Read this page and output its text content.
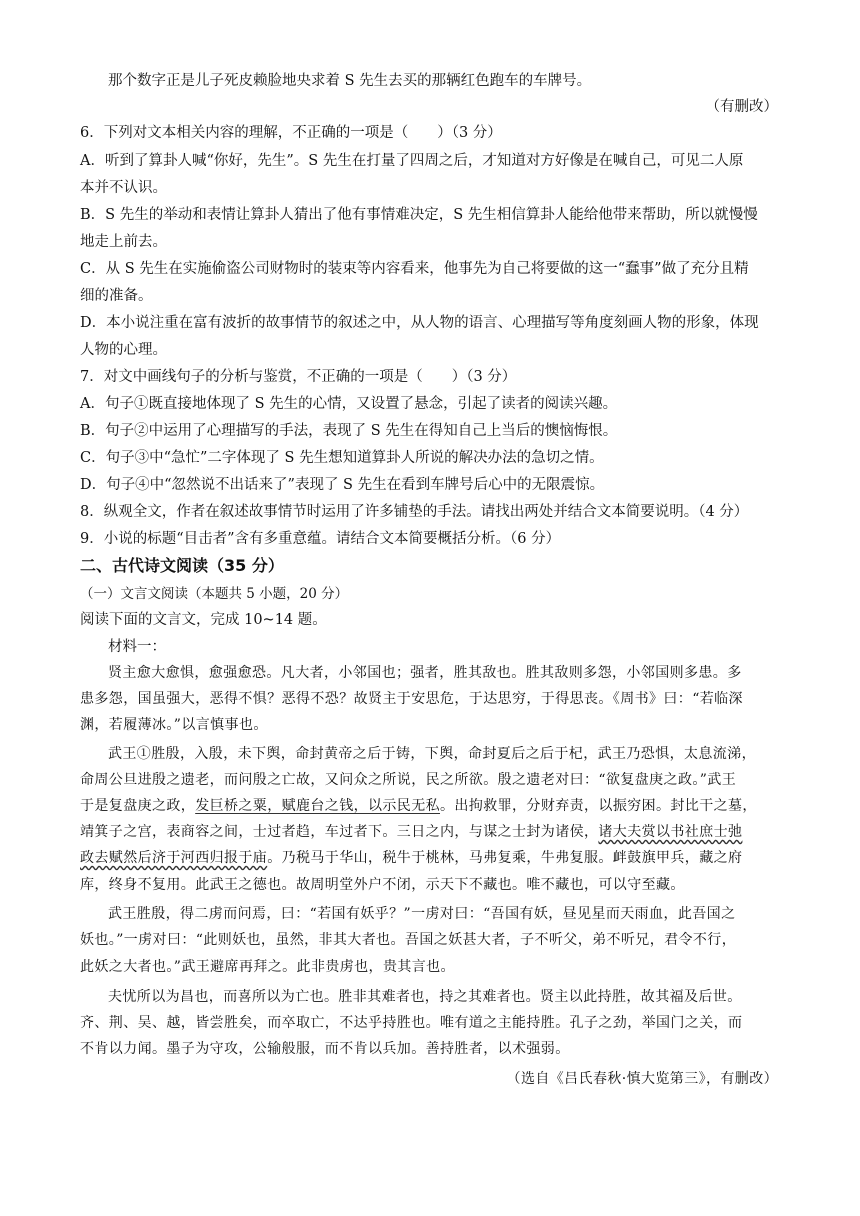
那个数字正是儿子死皮赖脸地央求着 S 先生去买的那辆红色跑车的车牌号。
（有删改）
6．下列对文本相关内容的理解，不正确的一项是（　　）（3 分）
A．听到了算卦人喊“你好，先生”。S 先生在打量了四周之后，才知道对方好像是在喊自己，可见二人原
本并不认识。
B．S 先生的举动和表情让算卦人猜出了他有事情难决定，S 先生相信算卦人能给他带来帮助，所以就慢慢
地走上前去。
C．从 S 先生在实施偷盗公司财物时的装束等内容看来，他事先为自己将要做的这一“蠢事”做了充分且精
细的准备。
D．本小说注重在富有波折的故事情节的叙述之中，从人物的语言、心理描写等角度刻画人物的形象，体现
人物的心理。
7．对文中画线句子的分析与鉴赏，不正确的一项是（　　）（3 分）
A．句子①既直接地体现了 S 先生的心情，又设置了悬念，引起了读者的阅读兴趣。
B．句子②中运用了心理描写的手法，表现了 S 先生在得知自己上当后的懊恼悔恨。
C．句子③中“急忙”二字体现了 S 先生想知道算卦人所说的解决办法的急切之情。
D．句子④中“忽然说不出话来了”表现了 S 先生在看到车牌号后心中的无限震惊。
8．纵观全文，作者在叙述故事情节时运用了许多铺垫的手法。请找出两处并结合文本简要说明。（4 分）
9．小说的标题“目击者”含有多重意蕴。请结合文本简要概括分析。（6 分）
二、古代诗文阅读（35 分）
（一）文言文阅读（本题共 5 小题，20 分）
阅读下面的文言文，完成 10~14 题。
材料一：
贤主愈大愈惧，愈强愈恐。凡大者，小邻国也；强者，胜其敌也。胜其敌则多怨，小邻国则多患。多
患多怨，国虽强大，恶得不惧？恶得不恐？故贤主于安思危，于达思穷，于得思丧。《周书》曰：“若临深
渊，若履薄冰。”以言慎事也。
武王①胜殷，入殷，未下舆，命封黄帝之后于铸，下舆，命封夏后之后于杞，武王乃恐惧，太息流涕，
命周公旦进殷之遗老，而问殷之亡故，又问众之所说，民之所欲。殷之遗老对曰：“欲复盘庚之政。”武王
于是复盘庚之政，发巨桥之粟，赋鹿台之钱，以示民无私。出拘救罪，分财弃责，以振穷困。封比干之墓，
靖箕子之宫，表商容之间，士过者趋，车过者下。三日之内，与谋之士封为诸侯，诸大夫赏以书社庶士弛
政去赋然后济于河西归报于庙。乃税马于华山，税牛于桃林，马弗复乘，牛弗复服。衅鼓旗甲兵，藏之府
库，终身不复用。此武王之德也。故周明堂外户不闭，示天下不藏也。唯不藏也，可以守至藏。
武王胜殷，得二虏而问焉，曰：“若国有妖乎？”一虏对曰：“吾国有妖，昼见星而天雨血，此吾国之
妖也。”一虏对曰：“此则妖也，虽然，非其大者也。吾国之妖甚大者，子不听父，弟不听兄，君令不行，
此妖之大者也。”武王避席再拜之。此非贵虏也，贵其言也。
夫忧所以为昌也，而喜所以为亡也。胜非其难者也，持之其难者也。贤主以此持胜，故其福及后世。
齐、荆、吴、越，皆尝胜矣，而卒取亡，不达乎持胜也。唯有道之主能持胜。孔子之劲，举国门之关，而
不肯以力闻。墨子为守攻，公输般服，而不肯以兵加。善持胜者，以术强弱。
（选自《吕氏春秋·慎大览第三》，有删改）
